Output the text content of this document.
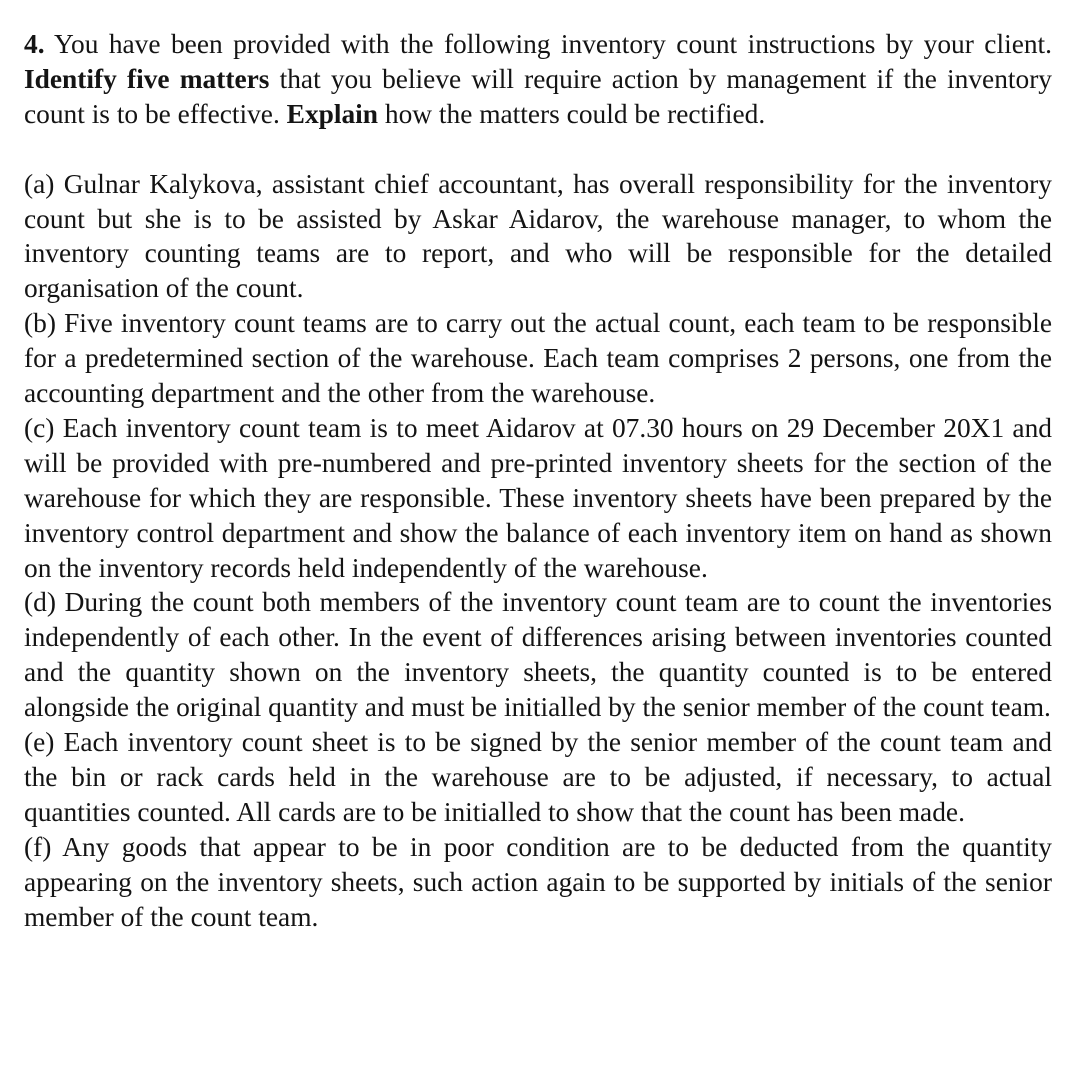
4. You have been provided with the following inventory count instructions by your client. Identify five matters that you believe will require action by management if the inventory count is to be effective. Explain how the matters could be rectified.

(a) Gulnar Kalykova, assistant chief accountant, has overall responsibility for the inventory count but she is to be assisted by Askar Aidarov, the warehouse manager, to whom the inventory counting teams are to report, and who will be responsible for the detailed organisation of the count.

(b) Five inventory count teams are to carry out the actual count, each team to be responsible for a predetermined section of the warehouse. Each team comprises 2 persons, one from the accounting department and the other from the warehouse.

(c) Each inventory count team is to meet Aidarov at 07.30 hours on 29 December 20X1 and will be provided with pre-numbered and pre-printed inventory sheets for the section of the warehouse for which they are responsible. These inventory sheets have been prepared by the inventory control department and show the balance of each inventory item on hand as shown on the inventory records held independently of the warehouse.

(d) During the count both members of the inventory count team are to count the inventories independently of each other. In the event of differences arising between inventories counted and the quantity shown on the inventory sheets, the quantity counted is to be entered alongside the original quantity and must be initialled by the senior member of the count team.

(e) Each inventory count sheet is to be signed by the senior member of the count team and the bin or rack cards held in the warehouse are to be adjusted, if necessary, to actual quantities counted. All cards are to be initialled to show that the count has been made.

(f) Any goods that appear to be in poor condition are to be deducted from the quantity appearing on the inventory sheets, such action again to be supported by initials of the senior member of the count team.
